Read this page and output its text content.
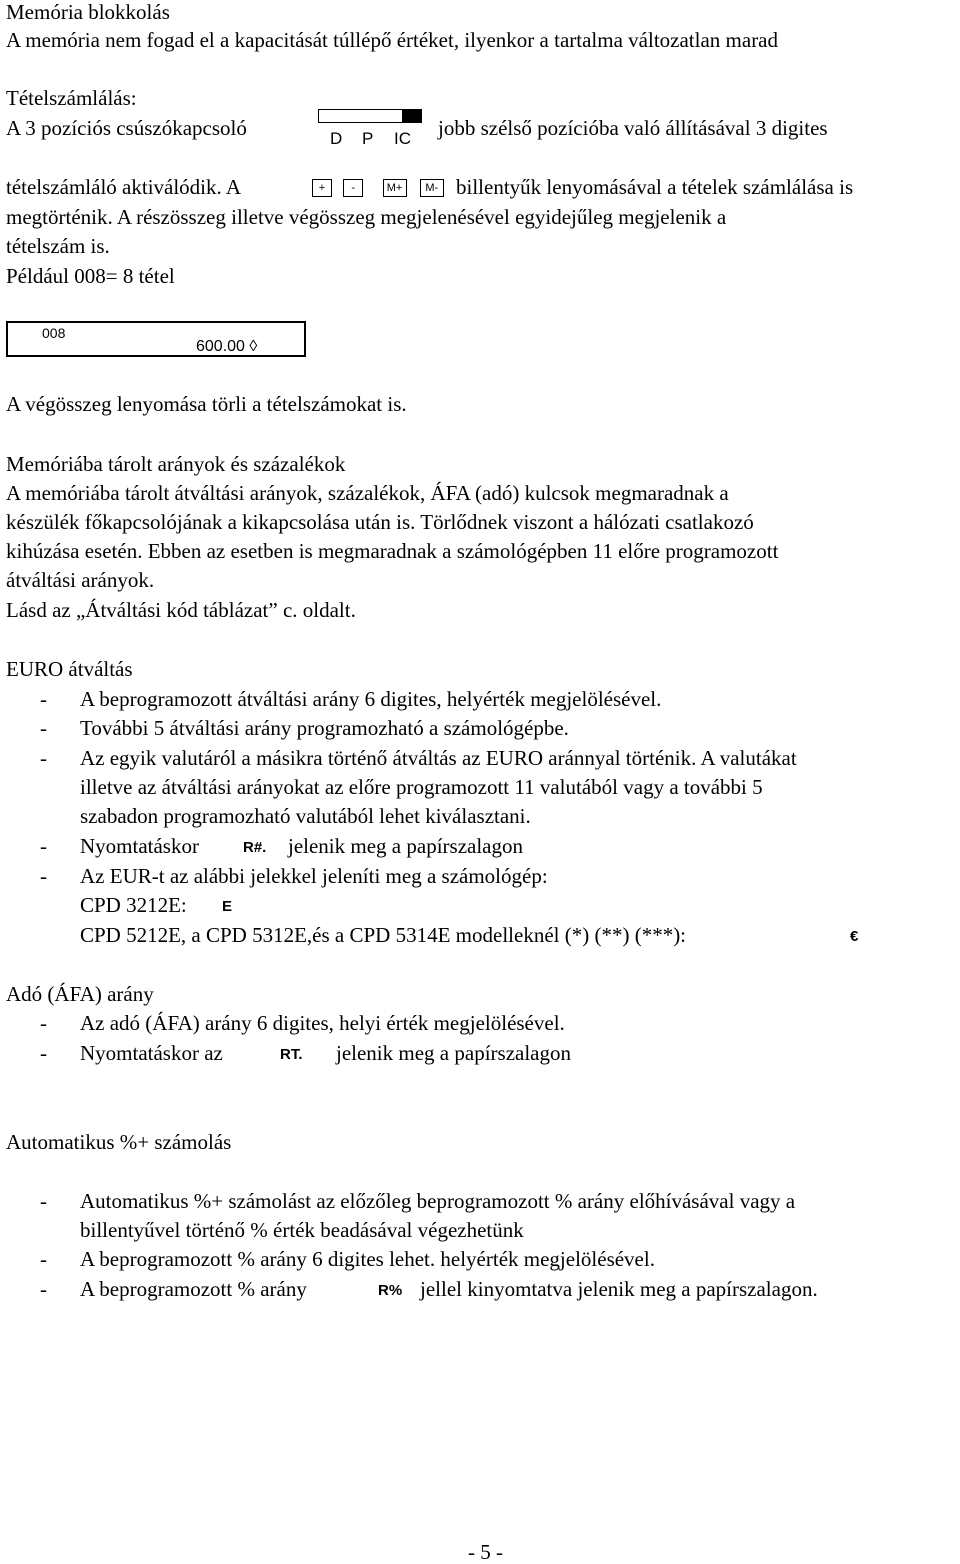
Memória blokkolás
A memória nem fogad el a kapacitását túllépő értéket, ilyenkor a tartalma változatlan marad
Tételszámlálás:
A 3 pozíciós csúszókapcsoló	D P IC jobb szélső pozícióba való állításával 3 digites
tételszámláló aktiválódik. A	+ -	M+ M- billentyűk lenyomásával a tételek számlálása is
megtörténik. A részösszeg illetve végösszeg megjelenésével egyidejűleg megjelenik a
tételszám is.
Például 008= 8 tétel
008
600.00 ◊
A végösszeg lenyomása törli a tételszámokat is.
Memóriába tárolt arányok és százalékok
A memóriába tárolt átváltási arányok, százalékok, ÁFA (adó) kulcsok megmaradnak a
készülék főkapcsolójának a kikapcsolása után is. Törlődnek viszont a hálózati csatlakozó
kihúzása esetén. Ebben az esetben is megmaradnak a számológépben 11 előre programozott
átváltási arányok.
Lásd az „Átváltási kód táblázat” c. oldalt.
EURO átváltás
- A beprogramozott átváltási arány 6 digites, helyérték megjelölésével.
- További 5 átváltási arány programozható a számológépbe.
- Az egyik valutáról a másikra történő átváltás az EURO aránnyal történik. A valutákat
illetve az átváltási arányokat az előre programozott 11 valutából vagy a további 5
szabadon programozható valutából lehet kiválasztani.
- Nyomtatáskor	R#. jelenik meg a papírszalagon
- Az EUR-t az alábbi jelekkel jeleníti meg a számológép:
CPD 3212E: E
CPD 5212E, a CPD 5312E,és a CPD 5314E modelleknél (*) (**) (***):	€
Adó (ÁFA) arány
- Az adó (ÁFA) arány 6 digites, helyi érték megjelölésével.
- Nyomtatáskor az	RT. jelenik meg a papírszalagon
Automatikus %+ számolás
- Automatikus %+ számolást az előzőleg beprogramozott % arány előhívásával vagy a
billentyűvel történő % érték beadásával végezhetünk
- A beprogramozott % arány 6 digites lehet. helyérték megjelölésével.
- A beprogramozott % arány	R% jellel kinyomtatva jelenik meg a papírszalagon.
- 5 -
